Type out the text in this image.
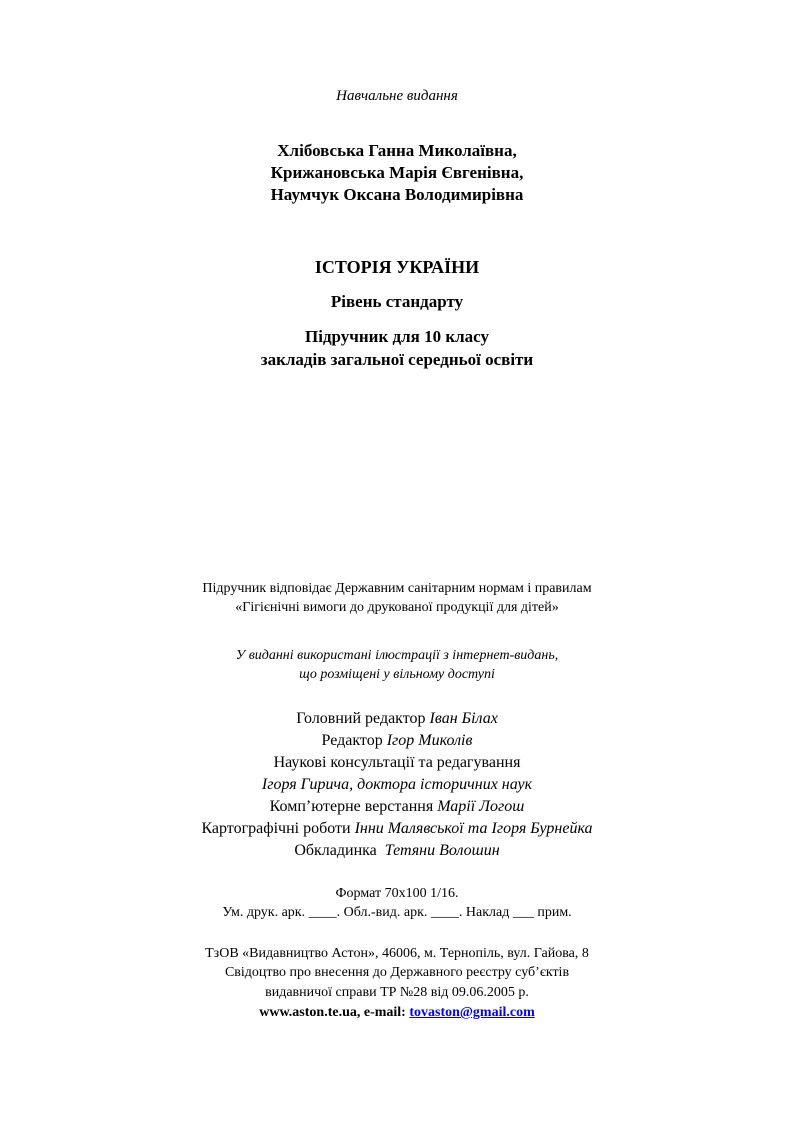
Навчальне видання
Хлібовська Ганна Миколаївна,
Крижановська Марія Євгенівна,
Наумчук Оксана Володимирівна
ІСТОРІЯ УКРАЇНИ
Рівень стандарту
Підручник для 10 класу
закладів загальної середньої освіти
Підручник відповідає Державним санітарним нормам і правилам
«Гігієнічні вимоги до друкованої продукції для дітей»
У виданні використані ілюстрації з інтернет-видань,
що розміщені у вільному доступі
Головний редактор Іван Білах
Редактор Ігор Миколів
Наукові консультації та редагування
Ігоря Гирича, доктора історичних наук
Комп’ютерне верстання Марії Логош
Картографічні роботи Інни Малявської та Ігоря Бурнейка
Обкладинка  Тетяни Волошин
Формат 70х100 1/16.
Ум. друк. арк. ____. Обл.-вид. арк. ____. Наклад ___ прим.
ТзОВ «Видавництво Астон», 46006, м. Тернопіль, вул. Гайова, 8
Свідоцтво про внесення до Державного реєстру суб’єктів
видавничої справи ТР №28 від 09.06.2005 р.
www.aston.te.ua, e-mail: tovaston@gmail.com
